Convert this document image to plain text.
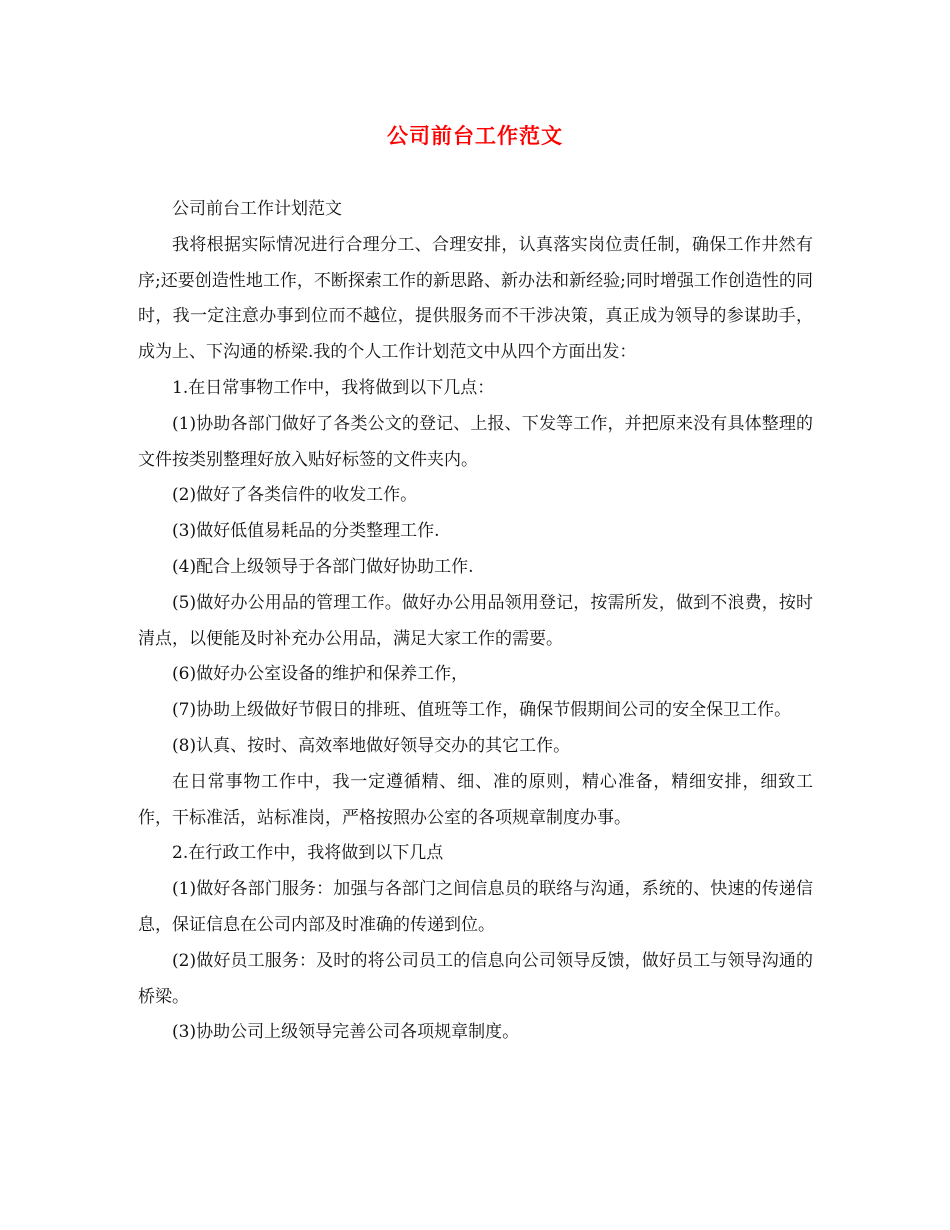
公司前台工作范文

公司前台工作计划范文

我将根据实际情况进行合理分工、合理安排，认真落实岗位责任制，确保工作井然有序;还要创造性地工作，不断探索工作的新思路、新办法和新经验;同时增强工作创造性的同时，我一定注意办事到位而不越位，提供服务而不干涉决策，真正成为领导的参谋助手，成为上、下沟通的桥梁.我的个人工作计划范文中从四个方面出发：

1.在日常事物工作中，我将做到以下几点：

(1)协助各部门做好了各类公文的登记、上报、下发等工作，并把原来没有具体整理的文件按类别整理好放入贴好标签的文件夹内。

(2)做好了各类信件的收发工作。

(3)做好低值易耗品的分类整理工作.

(4)配合上级领导于各部门做好协助工作.

(5)做好办公用品的管理工作。做好办公用品领用登记，按需所发，做到不浪费，按时清点，以便能及时补充办公用品，满足大家工作的需要。

(6)做好办公室设备的维护和保养工作，

(7)协助上级做好节假日的排班、值班等工作，确保节假期间公司的安全保卫工作。

(8)认真、按时、高效率地做好领导交办的其它工作。

在日常事物工作中，我一定遵循精、细、准的原则，精心准备，精细安排，细致工作，干标准活，站标准岗，严格按照办公室的各项规章制度办事。

2.在行政工作中，我将做到以下几点

(1)做好各部门服务：加强与各部门之间信息员的联络与沟通，系统的、快速的传递信息，保证信息在公司内部及时准确的传递到位。

(2)做好员工服务：及时的将公司员工的信息向公司领导反馈，做好员工与领导沟通的桥梁。

(3)协助公司上级领导完善公司各项规章制度。
